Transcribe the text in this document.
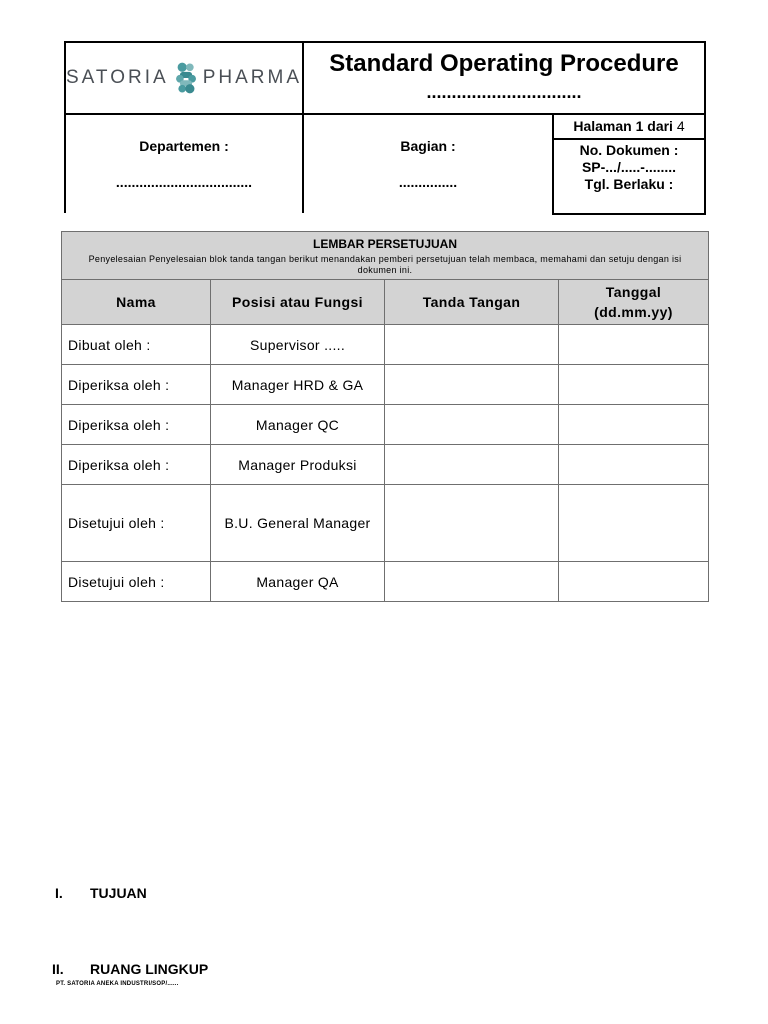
SATORIA PHARMA
Standard Operating Procedure
...............................
Departemen :
...................................
Bagian :
...............
Halaman 1 dari 4
No. Dokumen :
SP-.../.....-........
Tgl. Berlaku :
LEMBAR PERSETUJUAN
Penyelesaian Penyelesaian blok tanda tangan berikut menandakan pemberi persetujuan telah membaca, memahami dan setuju dengan isi dokumen ini.			

Nama	Posisi atau Fungsi	Tanda Tangan	Tanggal
(dd.mm.yy)

Dibuat oleh :	Supervisor .....		
Diperiksa oleh :	Manager HRD & GA		
Diperiksa oleh :	Manager QC		
Diperiksa oleh :	Manager Produksi		
Disetujui oleh :	B.U. General Manager		
Disetujui oleh :	Manager QA		
I. TUJUAN
II. RUANG LINGKUP
PT. SATORIA ANEKA INDUSTRI/SOP/......
